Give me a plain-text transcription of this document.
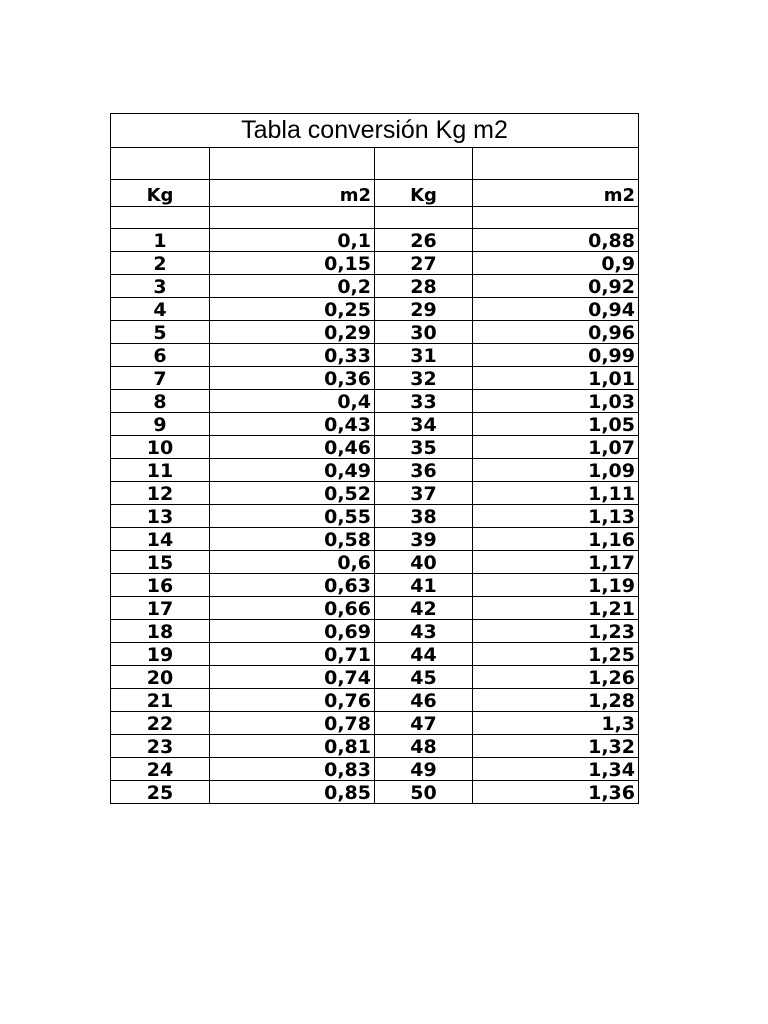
Tabla conversión Kg m2			

Kg	m2	Kg	m2

1	0,1	26	0,88
2	0,15	27	0,9
3	0,2	28	0,92
4	0,25	29	0,94
5	0,29	30	0,96
6	0,33	31	0,99
7	0,36	32	1,01
8	0,4	33	1,03
9	0,43	34	1,05
10	0,46	35	1,07
11	0,49	36	1,09
12	0,52	37	1,11
13	0,55	38	1,13
14	0,58	39	1,16
15	0,6	40	1,17
16	0,63	41	1,19
17	0,66	42	1,21
18	0,69	43	1,23
19	0,71	44	1,25
20	0,74	45	1,26
21	0,76	46	1,28
22	0,78	47	1,3
23	0,81	48	1,32
24	0,83	49	1,34
25	0,85	50	1,36
